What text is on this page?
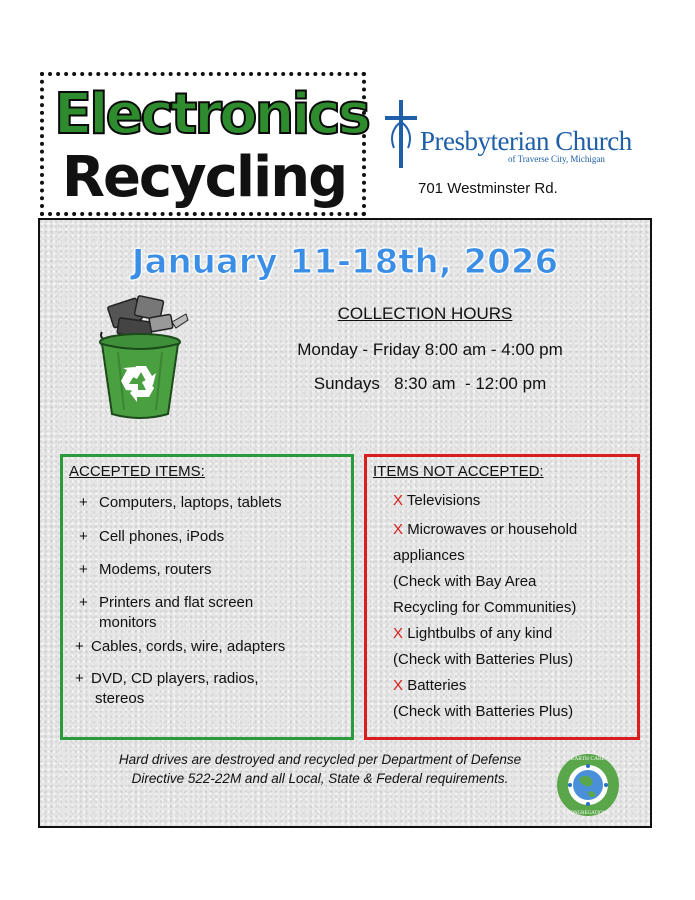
Electronics
Recycling
Presbyterian Church
of Traverse City, Michigan
701 Westminster Rd.
January 11-18th, 2026
COLLECTION HOURS
Monday - Friday 8:00 am - 4:00 pm
Sundays   8:30 am  - 12:00 pm
ACCEPTED ITEMS:
+ Computers, laptops, tablets
+ Cell phones, iPods
+ Modems, routers
+ Printers and flat screen
monitors
+ Cables, cords, wire, adapters
+ DVD, CD players, radios,
stereos
ITEMS NOT ACCEPTED:
X Televisions
X Microwaves or household
appliances
(Check with Bay Area
Recycling for Communities)
X Lightbulbs of any kind
(Check with Batteries Plus)
X Batteries
(Check with Batteries Plus)
Hard drives are destroyed and recycled per Department of Defense Directive 522-22M and all Local, State & Federal requirements.
EARTH CARE
CONGREGATIONS
